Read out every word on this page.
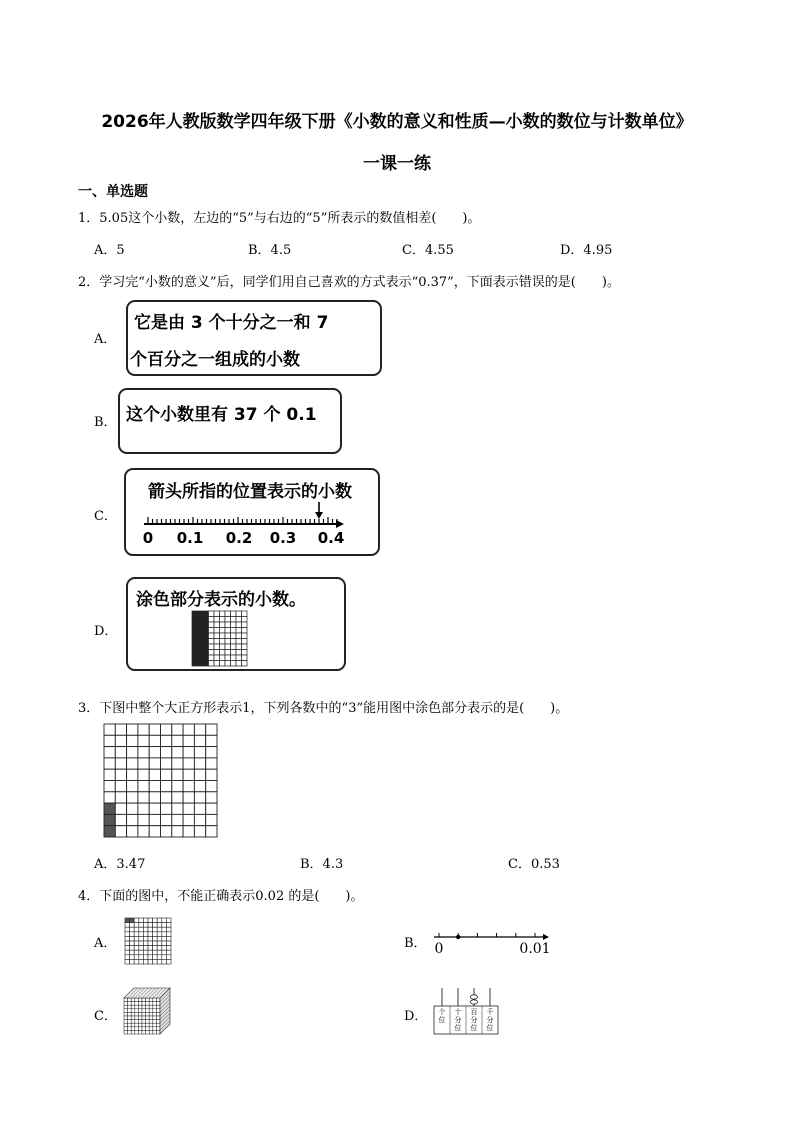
2026年人教版数学四年级下册《小数的意义和性质—小数的数位与计数单位》
一课一练
一、单选题
1．5.05这个小数，左边的“5”与右边的“5”所表示的数值相差(　　)。
A．5	B．4.5	C．4.55	D．4.95
2．学习完“小数的意义”后，同学们用自己喜欢的方式表示“0.37”，下面表示错误的是(　　)。
A．
它是由 3 个十分之一和 7
个百分之一组成的小数
B． 这个小数里有 37 个 0.1
C．
箭头所指的位置表示的小数
0 0.1 0.2 0.3 0.4
D．
涂色部分表示的小数。
3．下图中整个大正方形表示1，下列各数中的“3”能用图中涂色部分表示的是(　　)。
A．3.47	B．4.3	C．0.53
4．下面的图中，不能正确表示0.02 的是(　　)。
A．	B． 0	0.01
C．	D． 个
位
十
分
位
百
分
位
千
分
位
